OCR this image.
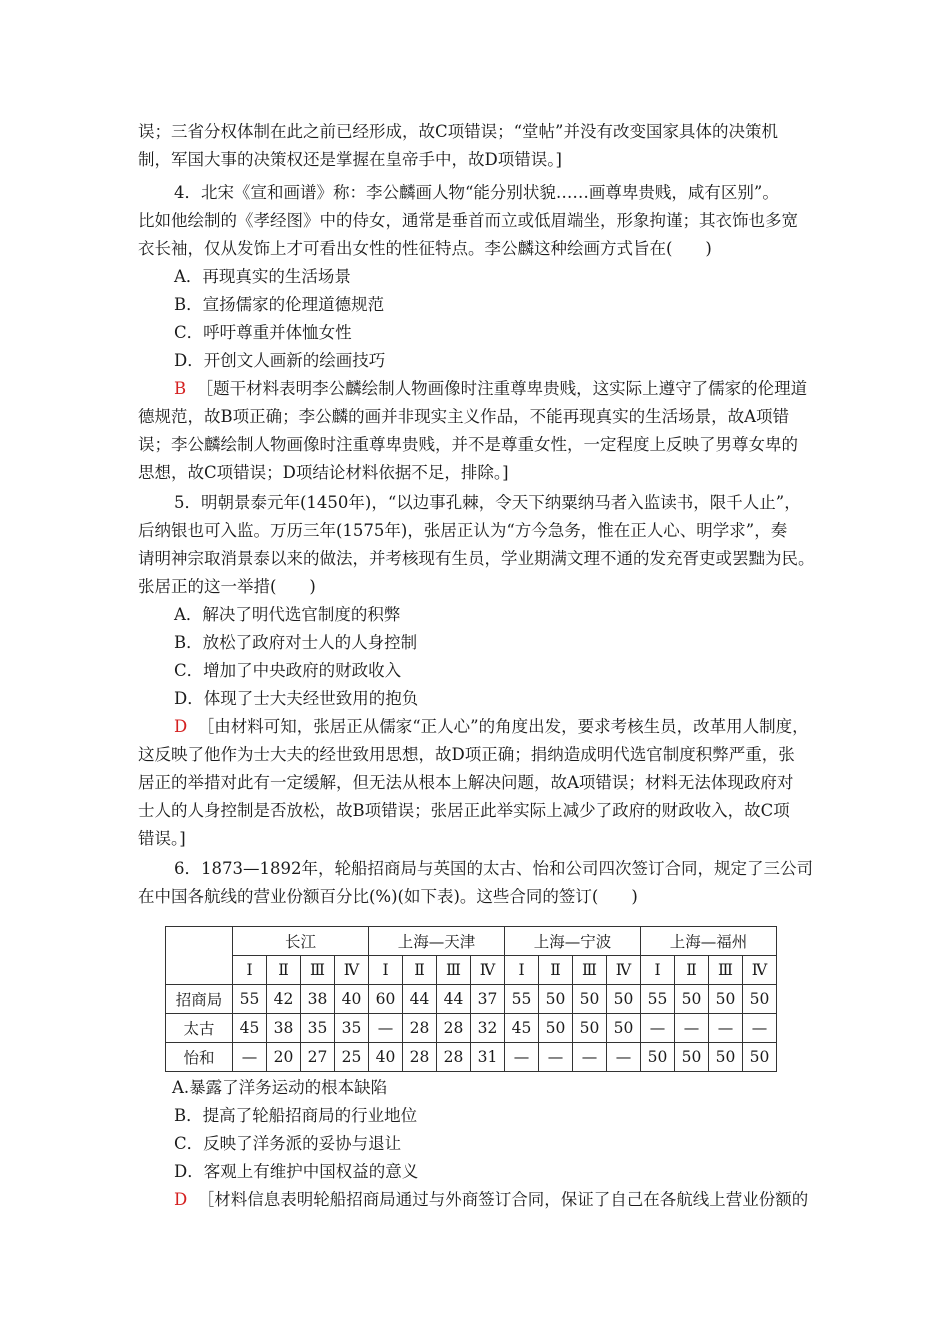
误；三省分权体制在此之前已经形成，故C项错误；“堂帖”并没有改变国家具体的决策机
制，军国大事的决策权还是掌握在皇帝手中，故D项错误。]
4．北宋《宣和画谱》称：李公麟画人物“能分别状貌……画尊卑贵贱，咸有区别”。
比如他绘制的《孝经图》中的侍女，通常是垂首而立或低眉端坐，形象拘谨；其衣饰也多宽
衣长袖，仅从发饰上才可看出女性的性征特点。李公麟这种绘画方式旨在(　　)
A．再现真实的生活场景
B．宣扬儒家的伦理道德规范
C．呼吁尊重并体恤女性
D．开创文人画新的绘画技巧
B ［题干材料表明李公麟绘制人物画像时注重尊卑贵贱，这实际上遵守了儒家的伦理道
德规范，故B项正确；李公麟的画并非现实主义作品，不能再现真实的生活场景，故A项错
误；李公麟绘制人物画像时注重尊卑贵贱，并不是尊重女性，一定程度上反映了男尊女卑的
思想，故C项错误；D项结论材料依据不足，排除。]
5．明朝景泰元年(1450年)，“以边事孔棘，令天下纳粟纳马者入监读书，限千人止”，
后纳银也可入监。万历三年(1575年)，张居正认为“方今急务，惟在正人心、明学求”，奏
请明神宗取消景泰以来的做法，并考核现有生员，学业期满文理不通的发充胥吏或罢黜为民。
张居正的这一举措(　　)
A．解决了明代选官制度的积弊
B．放松了政府对士人的人身控制
C．增加了中央政府的财政收入
D．体现了士大夫经世致用的抱负
D ［由材料可知，张居正从儒家“正人心”的角度出发，要求考核生员，改革用人制度，
这反映了他作为士大夫的经世致用思想，故D项正确；捐纳造成明代选官制度积弊严重，张
居正的举措对此有一定缓解，但无法从根本上解决问题，故A项错误；材料无法体现政府对
士人的人身控制是否放松，故B项错误；张居正此举实际上减少了政府的财政收入，故C项
错误。]
6．1873—1892年，轮船招商局与英国的太古、怡和公司四次签订合同，规定了三公司
在中国各航线的营业份额百分比(%)(如下表)。这些合同的签订(　　)
	长江				上海—天津				上海—宁波				上海—福州			
	Ⅰ	Ⅱ	Ⅲ	Ⅳ	Ⅰ	Ⅱ	Ⅲ	Ⅳ	Ⅰ	Ⅱ	Ⅲ	Ⅳ	Ⅰ	Ⅱ	Ⅲ	Ⅳ
招商局	55	42	38	40	60	44	44	37	55	50	50	50	55	50	50	50
太古	45	38	35	35	—	28	28	32	45	50	50	50	—	—	—	—
怡和	—	20	27	25	40	28	28	31	—	—	—	—	50	50	50	50
A.暴露了洋务运动的根本缺陷
B．提高了轮船招商局的行业地位
C．反映了洋务派的妥协与退让
D．客观上有维护中国权益的意义
D ［材料信息表明轮船招商局通过与外商签订合同，保证了自己在各航线上营业份额的
